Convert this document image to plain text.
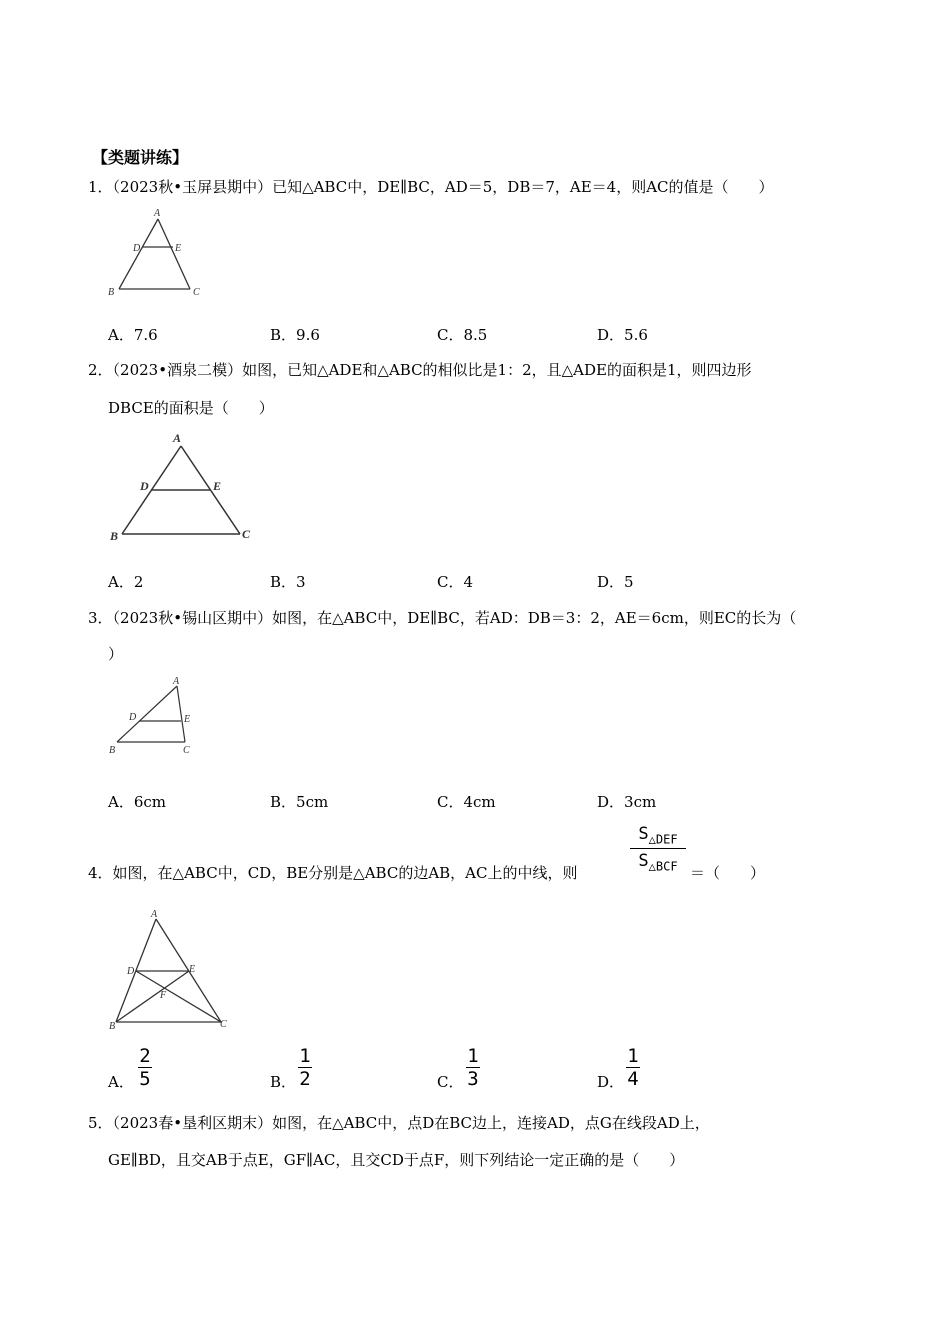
【类题讲练】
1．（2023秋•玉屏县期中）已知△ABC中，DE∥BC，AD＝5，DB＝7，AE＝4，则AC的值是（　　）
A
D	E
B	C
A．7.6	B．9.6	C．8.5	D．5.6
2．（2023•酒泉二模）如图，已知△ADE和△ABC的相似比是1：2，且△ADE的面积是1，则四边形
DBCE的面积是（　　）
A
D	E
B	C
A．2	B．3	C．4	D．5
3．（2023秋•锡山区期中）如图，在△ABC中，DE∥BC，若AD：DB＝3：2，AE＝6cm，则EC的长为（
）
A
D	E
B	C
A．6cm	B．5cm	C．4cm	D．3cm
4．如图，在△ABC中，CD，BE分别是△ABC的边AB，AC上的中线，则
$S_{\triangle DEF}$
$S_{\triangle BCF}$ ＝（　　）
A
D	E
F
B	C
A．
2
5	B．
1
2	C．
1
3	D．
1
4
5．（2023春•垦利区期末）如图，在△ABC中，点D在BC边上，连接AD，点G在线段AD上，
GE∥BD，且交AB于点E，GF∥AC，且交CD于点F，则下列结论一定正确的是（　　）
